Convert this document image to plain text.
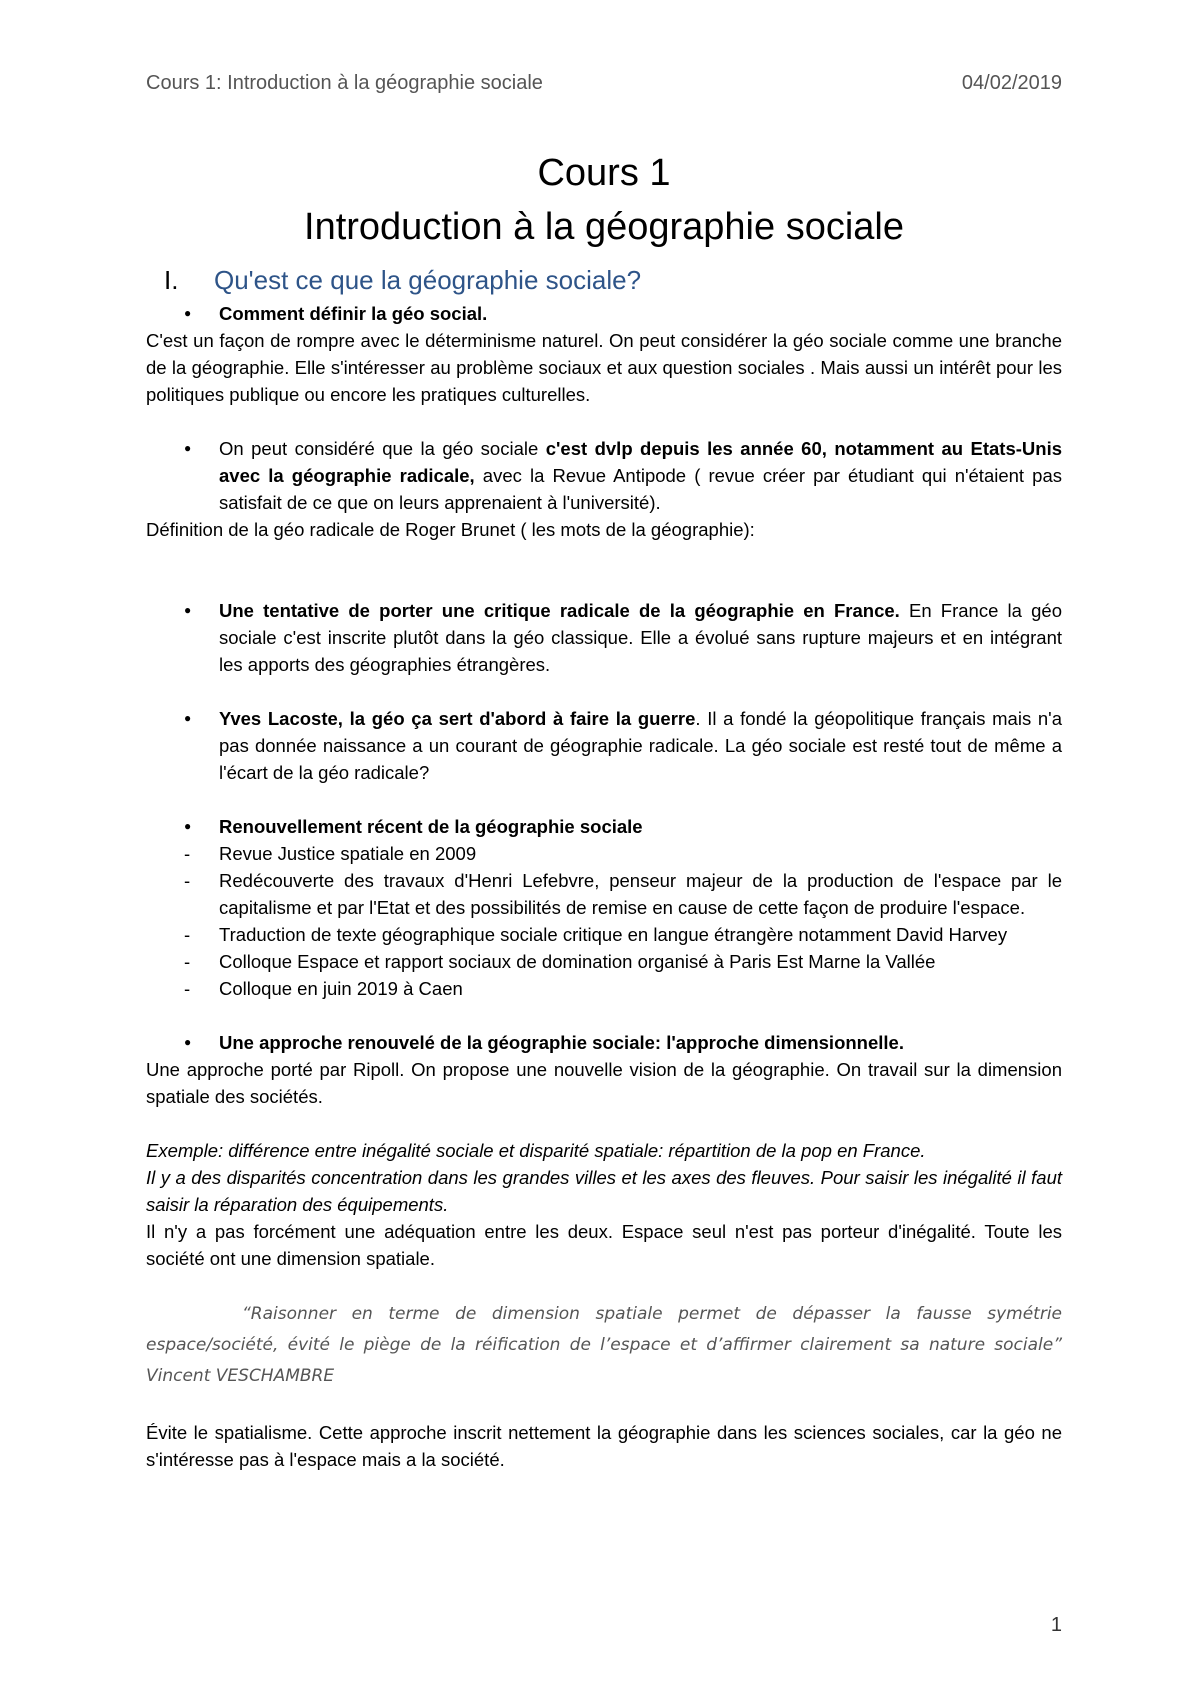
Cours 1: Introduction à la géographie sociale	04/02/2019
Cours 1
Introduction à la géographie sociale
I. Qu'est ce que la géographie sociale?
● Comment définir la géo social.

C'est un façon de rompre avec le déterminisme naturel. On peut considérer la géo sociale comme une branche de la géographie. Elle s'intéresser au problème sociaux et aux question sociales . Mais aussi un intérêt pour les politiques publique ou encore les pratiques culturelles.

● On peut considéré que la géo sociale c'est dvlp depuis les année 60, notamment au Etats-Unis avec la géographie radicale, avec la Revue Antipode ( revue créer par étudiant qui n'étaient pas satisfait de ce que on leurs apprenaient à l'université).

Définition de la géo radicale de Roger Brunet ( les mots de la géographie):

● Une tentative de porter une critique radicale de la géographie en France. En France la géo sociale c'est inscrite plutôt dans la géo classique. Elle a évolué sans rupture majeurs et en intégrant les apports des géographies étrangères.
● Yves Lacoste, la géo ça sert d'abord à faire la guerre. Il a fondé la géopolitique français mais n'a pas donnée naissance a un courant de géographie radicale. La géo sociale est resté tout de même a l'écart de la géo radicale?
● Renouvellement récent de la géographie sociale
- Revue Justice spatiale en 2009
- Redécouverte des travaux d'Henri Lefebvre, penseur majeur de la production de l'espace par le capitalisme et par l'Etat et des possibilités de remise en cause de cette façon de produire l'espace.
- Traduction de texte géographique sociale critique en langue étrangère notamment David Harvey
- Colloque Espace et rapport sociaux de domination organisé à Paris Est Marne la Vallée
- Colloque en juin 2019 à Caen
● Une approche renouvelé de la géographie sociale: l'approche dimensionnelle.

Une approche porté par Ripoll. On propose une nouvelle vision de la géographie. On travail sur la dimension spatiale des sociétés.

Exemple: différence entre inégalité sociale et disparité spatiale: répartition de la pop en France.

Il y a des disparités concentration dans les grandes villes et les axes des fleuves. Pour saisir les inégalité il faut saisir la réparation des équipements.

Il n'y a pas forcément une adéquation entre les deux. Espace seul n'est pas porteur d'inégalité. Toute les société ont une dimension spatiale.

“Raisonner en terme de dimension spatiale permet de dépasser la fausse symétrie espace/société, évité le piège de la réification de l’espace et d’affirmer clairement sa nature sociale” Vincent VESCHAMBRE

Évite le spatialisme. Cette approche inscrit nettement la géographie dans les sciences sociales, car la géo ne s'intéresse pas à l'espace mais a la société.

1
